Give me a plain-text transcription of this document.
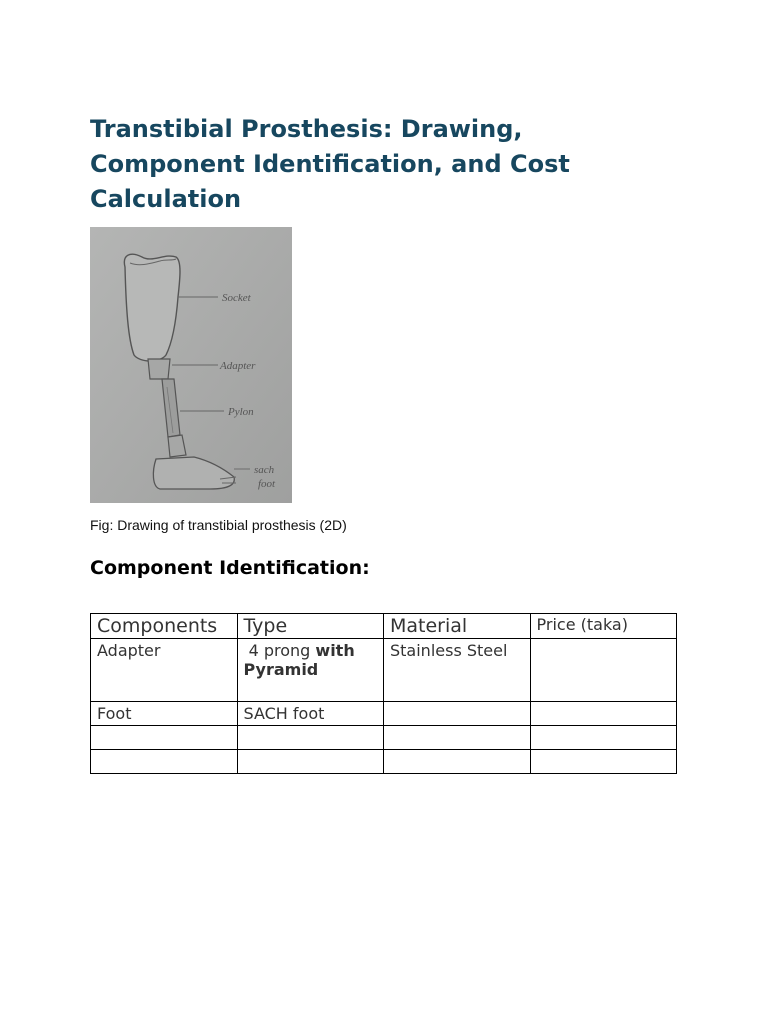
Transtibial Prosthesis: Drawing, Component Identification, and Cost Calculation
Socket
Adapter
Pylon
sach
foot
Fig: Drawing of transtibial prosthesis (2D)
Component Identification:
Components	Type	Material	Price (taka)
Adapter	4 prong with Pyramid	Stainless Steel	
Foot	SACH foot		
